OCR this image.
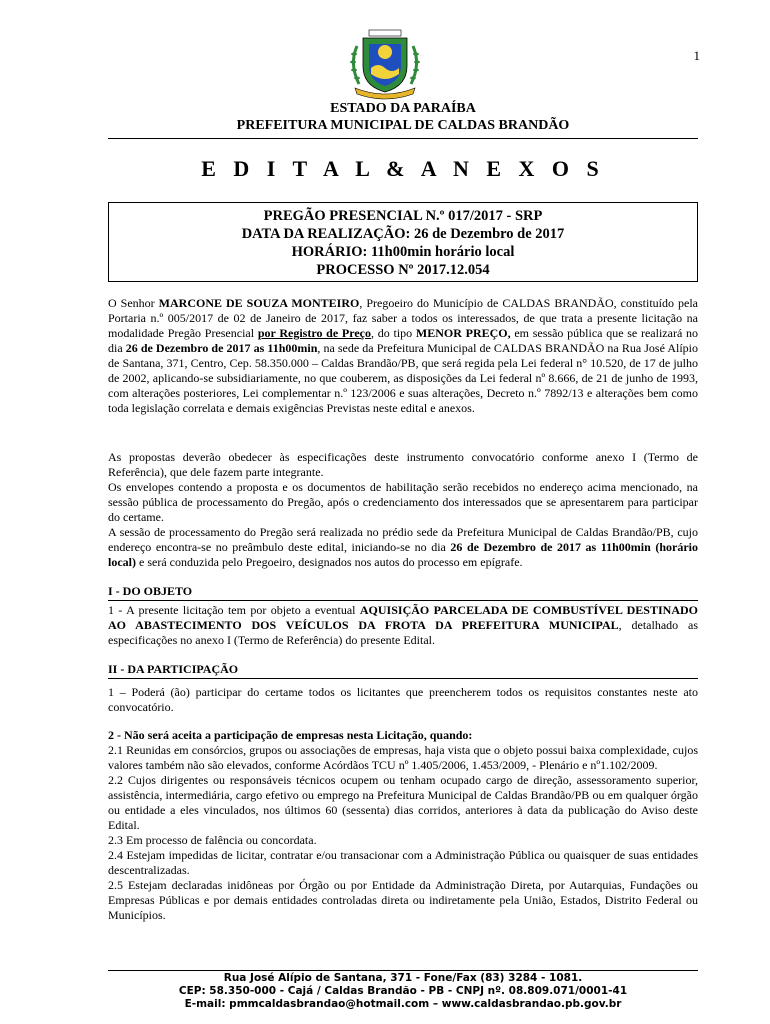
1
ESTADO DA PARAÍBA
PREFEITURA MUNICIPAL DE CALDAS BRANDÃO
E D I T A L & A N E X O S
PREGÃO PRESENCIAL N.º 017/2017 - SRP
DATA DA REALIZAÇÃO: 26 de Dezembro de 2017
HORÁRIO: 11h00min horário local
PROCESSO Nº 2017.12.054

O Senhor MARCONE DE SOUZA MONTEIRO, Pregoeiro do Município de CALDAS BRANDÃO, constituído pela Portaria n.º 005/2017 de 02 de Janeiro de 2017, faz saber a todos os interessados, de que trata a presente licitação na modalidade Pregão Presencial por Registro de Preço, do tipo MENOR PREÇO, em sessão pública que se realizará no dia 26 de Dezembro de 2017 as 11h00min, na sede da Prefeitura Municipal de CALDAS BRANDÃO na Rua José Alípio de Santana, 371, Centro, Cep. 58.350.000 – Caldas Brandão/PB, que será regida pela Lei federal n° 10.520, de 17 de julho de 2002, aplicando-se subsidiariamente, no que couberem, as disposições da Lei federal nº 8.666, de 21 de junho de 1993, com alterações posteriores, Lei complementar n.º 123/2006 e suas alterações, Decreto n.º 7892/13 e alterações bem como toda legislação correlata e demais exigências Previstas neste edital e anexos.

As propostas deverão obedecer às especificações deste instrumento convocatório conforme anexo I (Termo de Referência), que dele fazem parte integrante.

Os envelopes contendo a proposta e os documentos de habilitação serão recebidos no endereço acima mencionado, na sessão pública de processamento do Pregão, após o credenciamento dos interessados que se apresentarem para participar do certame.

A sessão de processamento do Pregão será realizada no prédio sede da Prefeitura Municipal de Caldas Brandão/PB, cujo endereço encontra-se no preâmbulo deste edital, iniciando-se no dia 26 de Dezembro de 2017 as 11h00min (horário local) e será conduzida pelo Pregoeiro, designados nos autos do processo em epígrafe.

I - DO OBJETO

1 - A presente licitação tem por objeto a eventual AQUISIÇÃO PARCELADA DE COMBUSTÍVEL DESTINADO AO ABASTECIMENTO DOS VEÍCULOS DA FROTA DA PREFEITURA MUNICIPAL, detalhado as especificações no anexo I (Termo de Referência) do presente Edital.

II - DA PARTICIPAÇÃO

1 – Poderá (ão) participar do certame todos os licitantes que preencherem todos os requisitos constantes neste ato convocatório.

2 - Não será aceita a participação de empresas nesta Licitação, quando:

2.1 Reunidas em consórcios, grupos ou associações de empresas, haja vista que o objeto possui baixa complexidade, cujos valores também não são elevados, conforme Acórdãos TCU nº 1.405/2006, 1.453/2009, - Plenário e nº1.102/2009.

2.2 Cujos dirigentes ou responsáveis técnicos ocupem ou tenham ocupado cargo de direção, assessoramento superior, assistência, intermediária, cargo efetivo ou emprego na Prefeitura Municipal de Caldas Brandão/PB ou em qualquer órgão ou entidade a eles vinculados, nos últimos 60 (sessenta) dias corridos, anteriores à data da publicação do Aviso deste Edital.

2.3 Em processo de falência ou concordata.

2.4 Estejam impedidas de licitar, contratar e/ou transacionar com a Administração Pública ou quaisquer de suas entidades descentralizadas.

2.5 Estejam declaradas inidôneas por Órgão ou por Entidade da Administração Direta, por Autarquias, Fundações ou Empresas Públicas e por demais entidades controladas direta ou indiretamente pela União, Estados, Distrito Federal ou Municípios.

Rua José Alípio de Santana, 371 - Fone/Fax (83) 3284 - 1081.
CEP: 58.350-000 - Cajá / Caldas Brandão - PB - CNPJ nº. 08.809.071/0001-41
E-mail: pmmcaldasbrandao@hotmail.com – www.caldasbrandao.pb.gov.br
